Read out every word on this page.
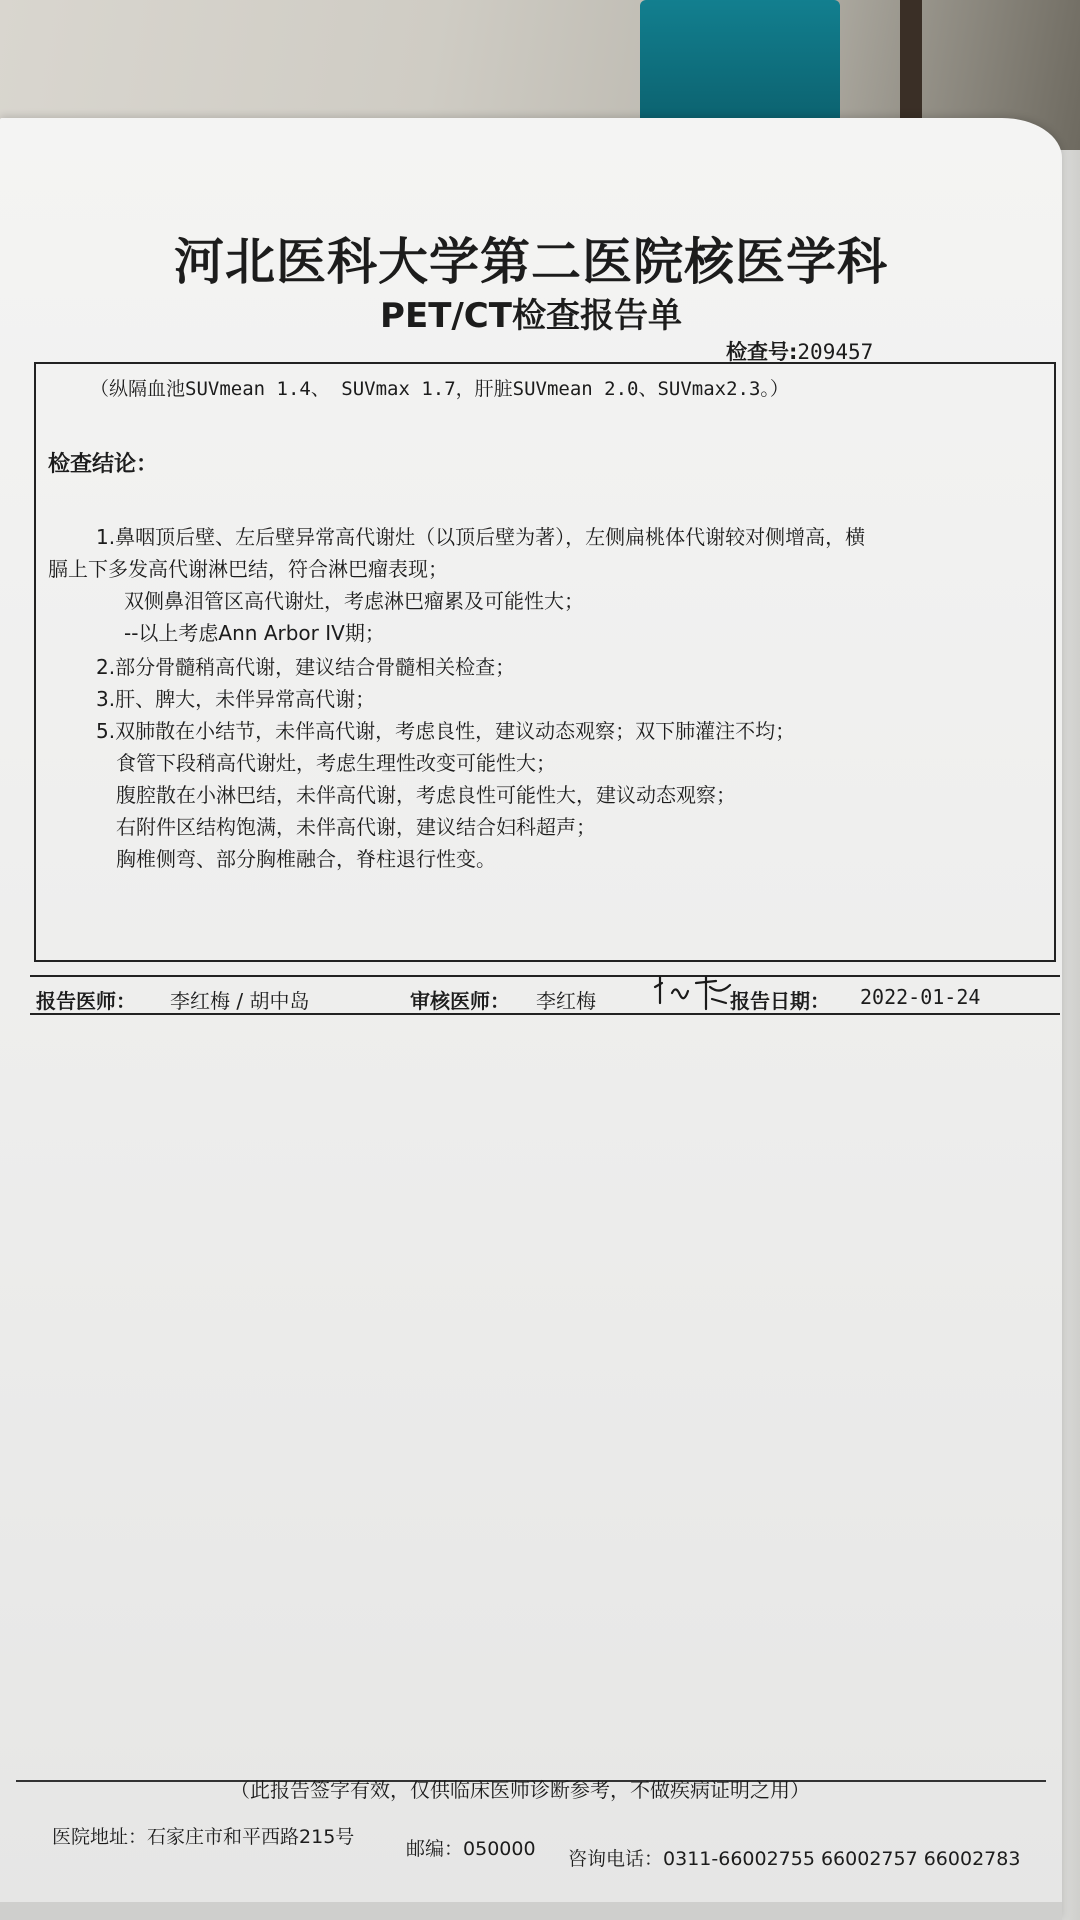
河北医科大学第二医院核医学科
PET/CT检查报告单
检查号:209457
（纵隔血池SUVmean 1.4、 SUVmax 1.7，肝脏SUVmean 2.0、SUVmax2.3。）
检查结论：
1.鼻咽顶后壁、左后壁异常高代谢灶（以顶后壁为著），左侧扁桃体代谢较对侧增高，横
膈上下多发高代谢淋巴结，符合淋巴瘤表现；
双侧鼻泪管区高代谢灶，考虑淋巴瘤累及可能性大；
--以上考虑Ann Arbor IV期；
2.部分骨髓稍高代谢，建议结合骨髓相关检查；
3.肝、脾大，未伴异常高代谢；
5.双肺散在小结节，未伴高代谢，考虑良性，建议动态观察；双下肺灌注不均；
食管下段稍高代谢灶，考虑生理性改变可能性大；
腹腔散在小淋巴结，未伴高代谢，考虑良性可能性大，建议动态观察；
右附件区结构饱满，未伴高代谢，建议结合妇科超声；
胸椎侧弯、部分胸椎融合，脊柱退行性变。
报告医师： 李红梅 / 胡中岛	审核医师： 李红梅	报告日期： 2022-01-24
（此报告签字有效，仅供临床医师诊断参考，不做疾病证明之用）
医院地址：石家庄市和平西路215号
邮编：050000 咨询电话：0311-66002755 66002757 66002783
